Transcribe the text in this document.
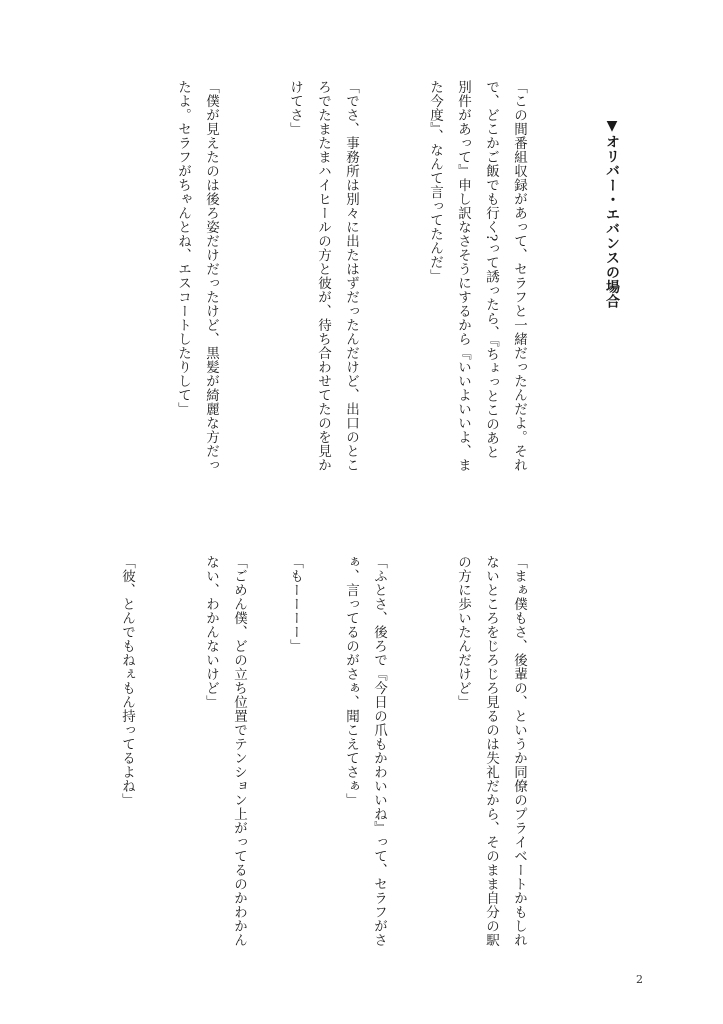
▼オリバー・エバンスの場合
「この間番組収録があって、セラフと一緒だったんだよ。それ
で、どこかご飯でも行く?って誘ったら、『ちょっとこのあと
別件があって』申し訳なさそうにするから『いいよいいよ、ま
た今度』、なんて言ってたんだ」
「でさ、事務所は別々に出たはずだったんだけど、出口のとこ
ろでたまたまハイヒールの方と彼が、待ち合わせてたのを見か
けてさ」
「僕が見えたのは後ろ姿だけだったけど、黒髪が綺麗な方だっ
たよ。セラフがちゃんとね、エスコートしたりして」
「まぁ僕もさ、後輩の、というか同僚のプライベートかもしれ
ないところをじろじろ見るのは失礼だから、そのまま自分の駅
の方に歩いたんだけど」
「ふとさ、後ろで『今日の爪もかわいいね』って、セラフがさ
ぁ、言ってるのがさぁ、聞こえてさぁ」
「もーーーー」
「ごめん僕、どの立ち位置でテンション上がってるのかわかん
ない、わかんないけど」
「彼、とんでもねぇもん持ってるよね」
2
